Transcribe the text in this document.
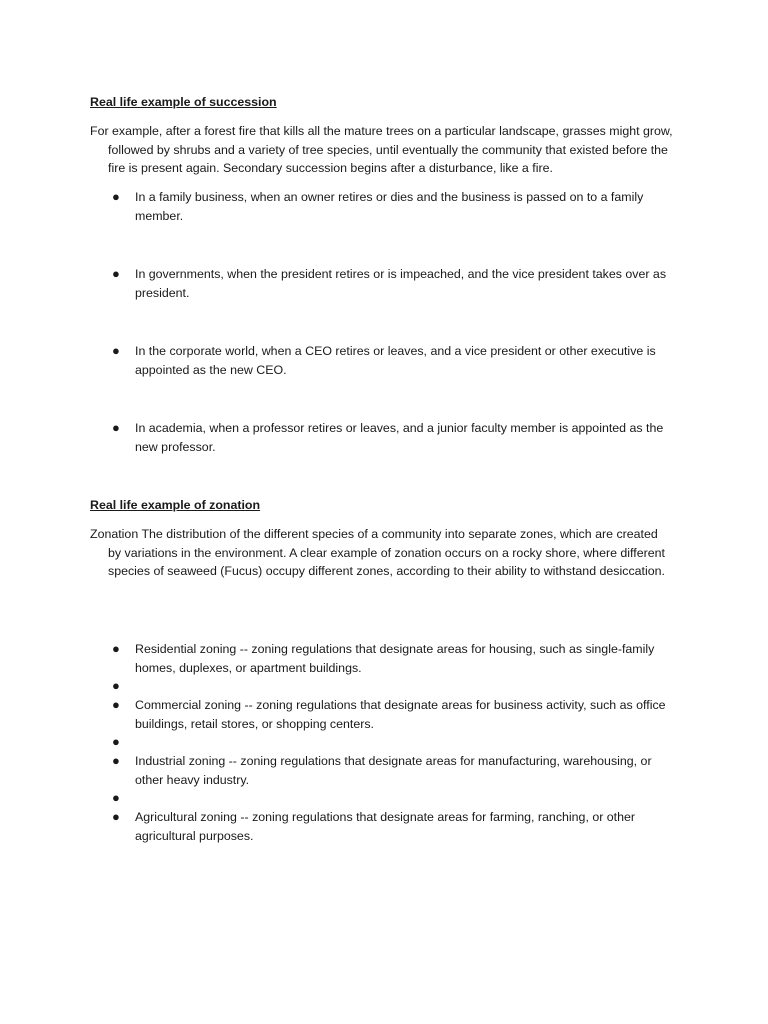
Real life example of succession
For example, after a forest fire that kills all the mature trees on a particular landscape, grasses might grow, followed by shrubs and a variety of tree species, until eventually the community that existed before the fire is present again. Secondary succession begins after a disturbance, like a fire.
●	In a family business, when an owner retires or dies and the business is passed on to a family member.
●	In governments, when the president retires or is impeached, and the vice president takes over as president.
●	In the corporate world, when a CEO retires or leaves, and a vice president or other executive is appointed as the new CEO.
●	In academia, when a professor retires or leaves, and a junior faculty member is appointed as the new professor.
Real life example of zonation
Zonation The distribution of the different species of a community into separate zones, which are created by variations in the environment. A clear example of zonation occurs on a rocky shore, where different species of seaweed (Fucus) occupy different zones, according to their ability to withstand desiccation.
●	Residential zoning -- zoning regulations that designate areas for housing, such as single-family homes, duplexes, or apartment buildings.
●
●	Commercial zoning -- zoning regulations that designate areas for business activity, such as office buildings, retail stores, or shopping centers.
●
●	Industrial zoning -- zoning regulations that designate areas for manufacturing, warehousing, or other heavy industry.
●
●	Agricultural zoning -- zoning regulations that designate areas for farming, ranching, or other agricultural purposes.
